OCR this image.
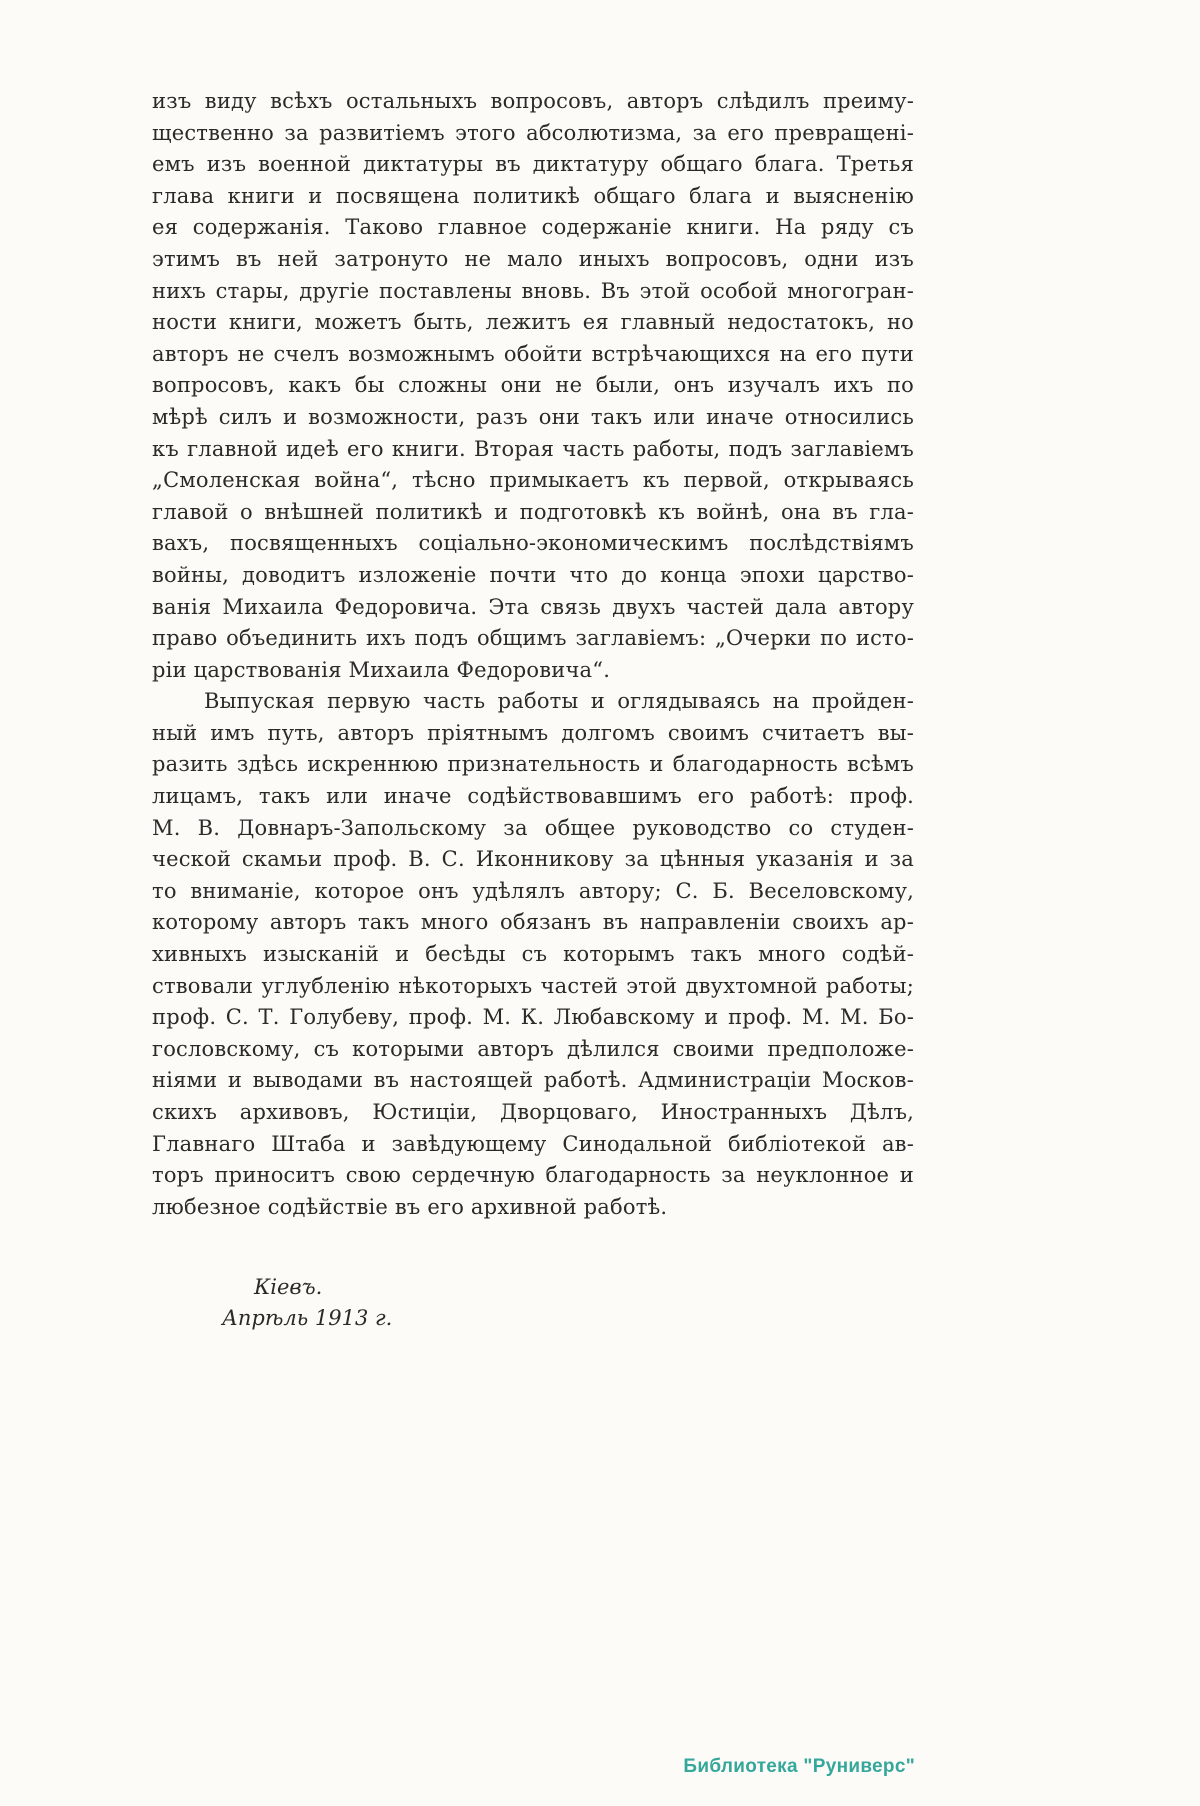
изъ виду всѣхъ остальныхъ вопросовъ, авторъ слѣдилъ преиму-
щественно за развитіемъ этого абсолютизма, за его превращені-
емъ изъ военной диктатуры въ диктатуру общаго блага. Третья
глава книги и посвящена политикѣ общаго блага и выясненію
ея содержанія. Таково главное содержаніе книги. На ряду съ
этимъ въ ней затронуто не мало иныхъ вопросовъ, одни изъ
нихъ стары, другіе поставлены вновь. Въ этой особой многогран-
ности книги, можетъ быть, лежитъ ея главный недостатокъ, но
авторъ не счелъ возможнымъ обойти встрѣчающихся на его пути
вопросовъ, какъ бы сложны они не были, онъ изучалъ ихъ по
мѣрѣ силъ и возможности, разъ они такъ или иначе относились
къ главной идеѣ его книги. Вторая часть работы, подъ заглавіемъ
„Смоленская война“, тѣсно примыкаетъ къ первой, открываясь
главой о внѣшней политикѣ и подготовкѣ къ войнѣ, она въ гла-
вахъ, посвященныхъ соціально-экономическимъ послѣдствіямъ
войны, доводитъ изложеніе почти что до конца эпохи царство-
ванія Михаила Федоровича. Эта связь двухъ частей дала автору
право объединить ихъ подъ общимъ заглавіемъ: „Очерки по исто-
ріи царствованія Михаила Федоровича“.
Выпуская первую часть работы и оглядываясь на пройден-
ный имъ путь, авторъ пріятнымъ долгомъ своимъ считаетъ вы-
разить здѣсь искреннюю признательность и благодарность всѣмъ
лицамъ, такъ или иначе содѣйствовавшимъ его работѣ: проф.
М. В. Довнаръ-Запольскому за общее руководство со студен-
ческой скамьи проф. В. С. Иконникову за цѣнныя указанія и за
то вниманіе, которое онъ удѣлялъ автору; С. Б. Веселовскому,
которому авторъ такъ много обязанъ въ направленіи своихъ ар-
хивныхъ изысканій и бесѣды съ которымъ такъ много содѣй-
ствовали углубленію нѣкоторыхъ частей этой двухтомной работы;
проф. С. Т. Голубеву, проф. М. К. Любавскому и проф. М. М. Бо-
гословскому, съ которыми авторъ дѣлился своими предположе-
ніями и выводами въ настоящей работѣ. Администраціи Москов-
скихъ архивовъ, Юстиціи, Дворцоваго, Иностранныхъ Дѣлъ,
Главнаго Штаба и завѣдующему Синодальной библіотекой ав-
торъ приноситъ свою сердечную благодарность за неуклонное и
любезное содѣйствіе въ его архивной работѣ.
Кіевъ.
Апрѣль 1913 г.
Библиотека "Руниверс"
